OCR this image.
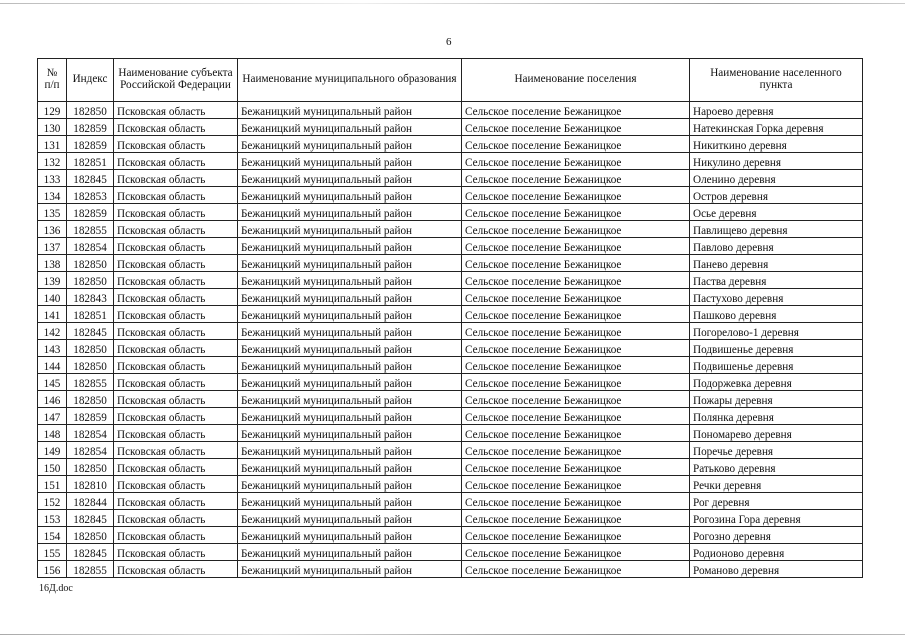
6
№ п/п	Индекс	Наименование субъекта Российской Федерации	Наименование муниципального образования	Наименование поселения	Наименование населенного пункта
129	182850	Псковская область	Бежаницкий муниципальный район	Сельское поселение Бежаницкое	Нароево деревня
130	182859	Псковская область	Бежаницкий муниципальный район	Сельское поселение Бежаницкое	Натекинская Горка деревня
131	182859	Псковская область	Бежаницкий муниципальный район	Сельское поселение Бежаницкое	Никиткино деревня
132	182851	Псковская область	Бежаницкий муниципальный район	Сельское поселение Бежаницкое	Никулино деревня
133	182845	Псковская область	Бежаницкий муниципальный район	Сельское поселение Бежаницкое	Оленино деревня
134	182853	Псковская область	Бежаницкий муниципальный район	Сельское поселение Бежаницкое	Остров деревня
135	182859	Псковская область	Бежаницкий муниципальный район	Сельское поселение Бежаницкое	Осье деревня
136	182855	Псковская область	Бежаницкий муниципальный район	Сельское поселение Бежаницкое	Павлищево деревня
137	182854	Псковская область	Бежаницкий муниципальный район	Сельское поселение Бежаницкое	Павлово деревня
138	182850	Псковская область	Бежаницкий муниципальный район	Сельское поселение Бежаницкое	Панево деревня
139	182850	Псковская область	Бежаницкий муниципальный район	Сельское поселение Бежаницкое	Паства деревня
140	182843	Псковская область	Бежаницкий муниципальный район	Сельское поселение Бежаницкое	Пастухово деревня
141	182851	Псковская область	Бежаницкий муниципальный район	Сельское поселение Бежаницкое	Пашково деревня
142	182845	Псковская область	Бежаницкий муниципальный район	Сельское поселение Бежаницкое	Погорелово-1 деревня
143	182850	Псковская область	Бежаницкий муниципальный район	Сельское поселение Бежаницкое	Подвишенье деревня
144	182850	Псковская область	Бежаницкий муниципальный район	Сельское поселение Бежаницкое	Подвишенье деревня
145	182855	Псковская область	Бежаницкий муниципальный район	Сельское поселение Бежаницкое	Подоржевка деревня
146	182850	Псковская область	Бежаницкий муниципальный район	Сельское поселение Бежаницкое	Пожары деревня
147	182859	Псковская область	Бежаницкий муниципальный район	Сельское поселение Бежаницкое	Полянка деревня
148	182854	Псковская область	Бежаницкий муниципальный район	Сельское поселение Бежаницкое	Пономарево деревня
149	182854	Псковская область	Бежаницкий муниципальный район	Сельское поселение Бежаницкое	Поречье деревня
150	182850	Псковская область	Бежаницкий муниципальный район	Сельское поселение Бежаницкое	Ратьково деревня
151	182810	Псковская область	Бежаницкий муниципальный район	Сельское поселение Бежаницкое	Речки деревня
152	182844	Псковская область	Бежаницкий муниципальный район	Сельское поселение Бежаницкое	Рог деревня
153	182845	Псковская область	Бежаницкий муниципальный район	Сельское поселение Бежаницкое	Рогозина Гора деревня
154	182850	Псковская область	Бежаницкий муниципальный район	Сельское поселение Бежаницкое	Рогозно деревня
155	182845	Псковская область	Бежаницкий муниципальный район	Сельское поселение Бежаницкое	Родионово деревня
156	182855	Псковская область	Бежаницкий муниципальный район	Сельское поселение Бежаницкое	Романово деревня
16Д.doc
